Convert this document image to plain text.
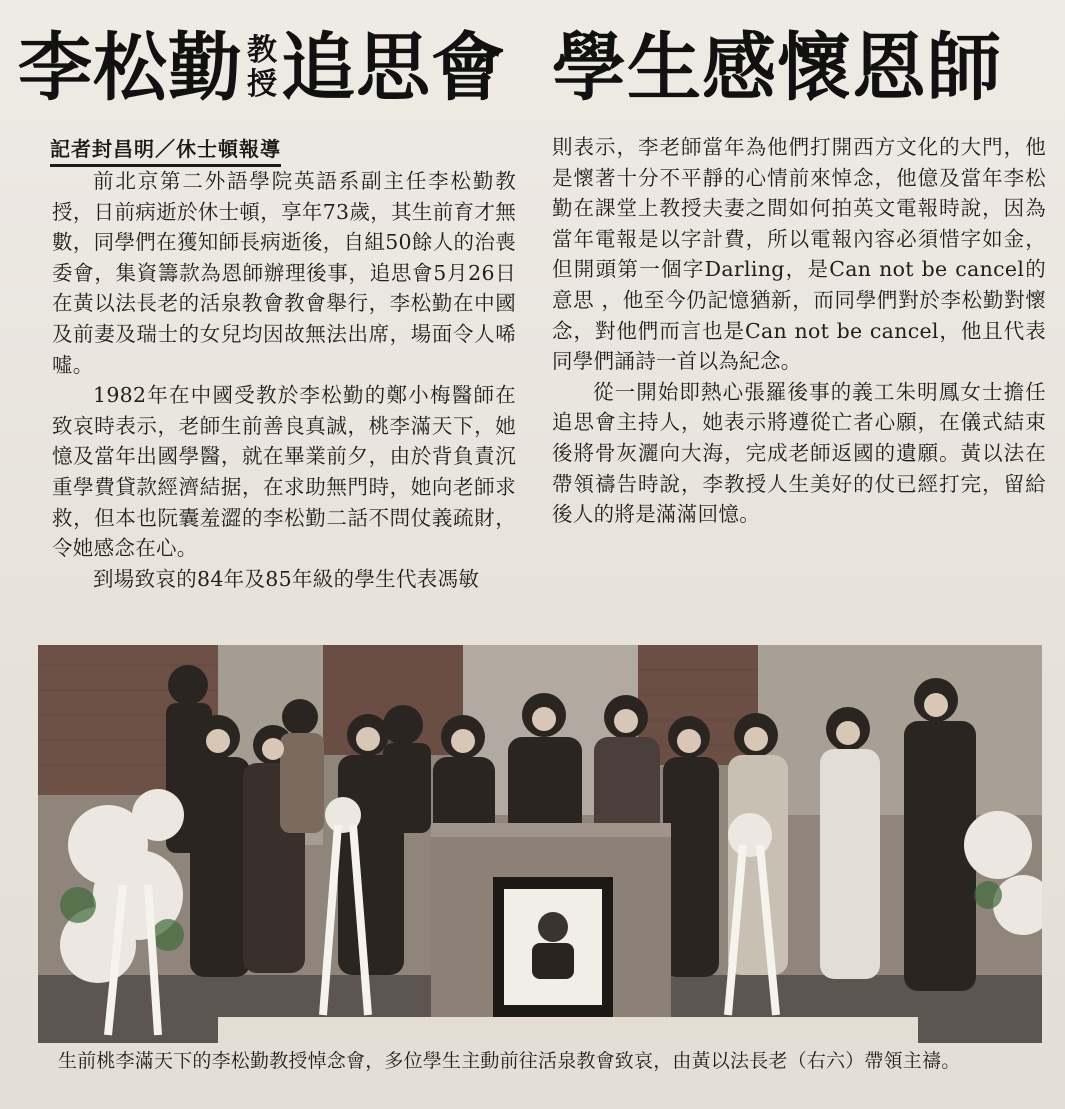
李松勤 教
授 追思會 學生感懷恩師
記者封昌明／休士頓報導

前北京第二外語學院英語系副主任李松勤教授，日前病逝於休士頓，享年73歲，其生前育才無數，同學們在獲知師長病逝後，自組50餘人的治喪委會，集資籌款為恩師辦理後事，追思會5月26日在黃以法長老的活泉教會教會舉行，李松勤在中國及前妻及瑞士的女兒均因故無法出席，場面令人唏噓。

1982年在中國受教於李松勤的鄭小梅醫師在致哀時表示，老師生前善良真誠，桃李滿天下，她憶及當年出國學醫，就在畢業前夕，由於背負責沉重學費貸款經濟結据，在求助無門時，她向老師求救，但本也阮囊羞澀的李松勤二話不問仗義疏財，令她感念在心。

到場致哀的84年及85年級的學生代表馮敏

則表示，李老師當年為他們打開西方文化的大門，他是懷著十分不平靜的心情前來悼念，他億及當年李松勤在課堂上教授夫妻之間如何拍英文電報時說，因為當年電報是以字計費，所以電報內容必須惜字如金，但開頭第一個字Darling，是Can not be cancel的意思 ，他至今仍記憶猶新，而同學們對於李松勤對懷念，對他們而言也是Can not be cancel，他且代表同學們誦詩一首以為紀念。

從一開始即熱心張羅後事的義工朱明鳳女士擔任追思會主持人，她表示將遵從亡者心願，在儀式結束後將骨灰灑向大海，完成老師返國的遺願。黃以法在帶領禱告時說，李教授人生美好的仗已經打完，留給後人的將是滿滿回憶。

生前桃李滿天下的李松勤教授悼念會，多位學生主動前往活泉教會致哀，由黃以法長老（右六）帶領主禱。
